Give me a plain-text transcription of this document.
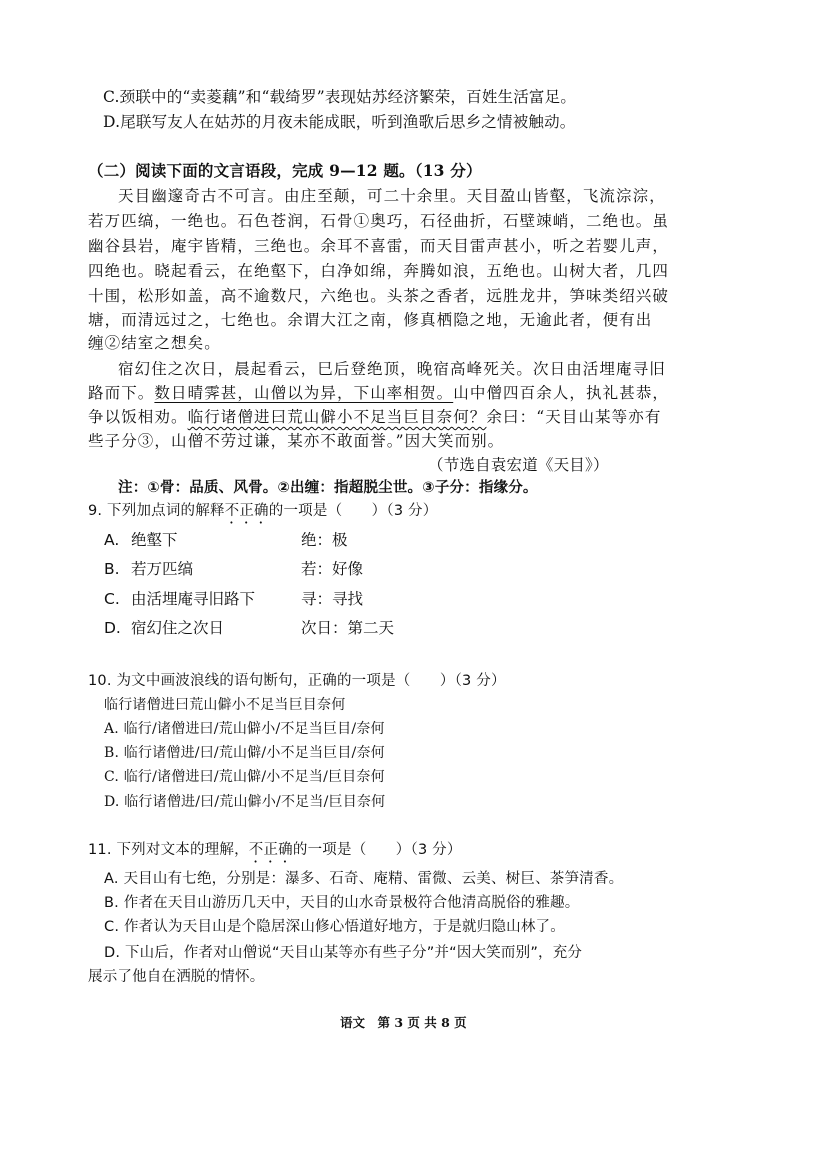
C.颈联中的“卖菱藕”和“载绮罗”表现姑苏经济繁荣，百姓生活富足。
D.尾联写友人在姑苏的月夜未能成眠，听到渔歌后思乡之情被触动。
（二）阅读下面的文言语段，完成 9—12 题。（13 分）
天目幽邃奇古不可言。由庄至颠，可二十余里。天目盈山皆壑，飞流淙淙，
若万匹缟，一绝也。石色苍润，石骨①奥巧，石径曲折，石壁竦峭，二绝也。虽
幽谷县岩，庵宇皆精，三绝也。余耳不喜雷，而天目雷声甚小，听之若婴儿声，
四绝也。晓起看云，在绝壑下，白净如绵，奔腾如浪，五绝也。山树大者，几四
十围，松形如盖，高不逾数尺，六绝也。头茶之香者，远胜龙井，笋味类绍兴破
塘，而清远过之，七绝也。余谓大江之南，修真栖隐之地，无逾此者，便有出
缠②结室之想矣。
宿幻住之次日，晨起看云，巳后登绝顶，晚宿高峰死关。次日由活埋庵寻旧
路而下。数日晴霁甚，山僧以为异，下山率相贺。山中僧四百余人，执礼甚恭，
争以饭相劝。临行诸僧进曰荒山僻小不足当巨目奈何？余曰：“天目山某等亦有
些子分③，山僧不劳过谦，某亦不敢面誉。”因大笑而别。
（节选自袁宏道《天目》）
注：①骨：品质、风骨。②出缠：指超脱尘世。③子分：指缘分。
9. 下列加点词的解释不正确的一项是（　　）（3 分）
A. 绝壑下	绝：极
B. 若万匹缟	若：好像
C. 由活埋庵寻旧路下	寻：寻找
D. 宿幻住之次日	次日：第二天
10. 为文中画波浪线的语句断句，正确的一项是（　　）（3 分）
临行诸僧进曰荒山僻小不足当巨目奈何
A. 临行/诸僧进曰/荒山僻小/不足当巨目/奈何
B. 临行诸僧进/曰/荒山僻/小不足当巨目/奈何
C. 临行/诸僧进曰/荒山僻/小不足当/巨目奈何
D. 临行诸僧进/曰/荒山僻小/不足当/巨目奈何
11. 下列对文本的理解，不正确的一项是（　　）（3 分）
A. 天目山有七绝，分别是：瀑多、石奇、庵精、雷微、云美、树巨、茶笋清香。
B. 作者在天目山游历几天中，天目的山水奇景极符合他清高脱俗的雅趣。
C. 作者认为天目山是个隐居深山修心悟道好地方，于是就归隐山林了。
D. 下山后，作者对山僧说“天目山某等亦有些子分”并“因大笑而别”，充分
展示了他自在洒脱的情怀。
语文　第 3 页 共 8 页
